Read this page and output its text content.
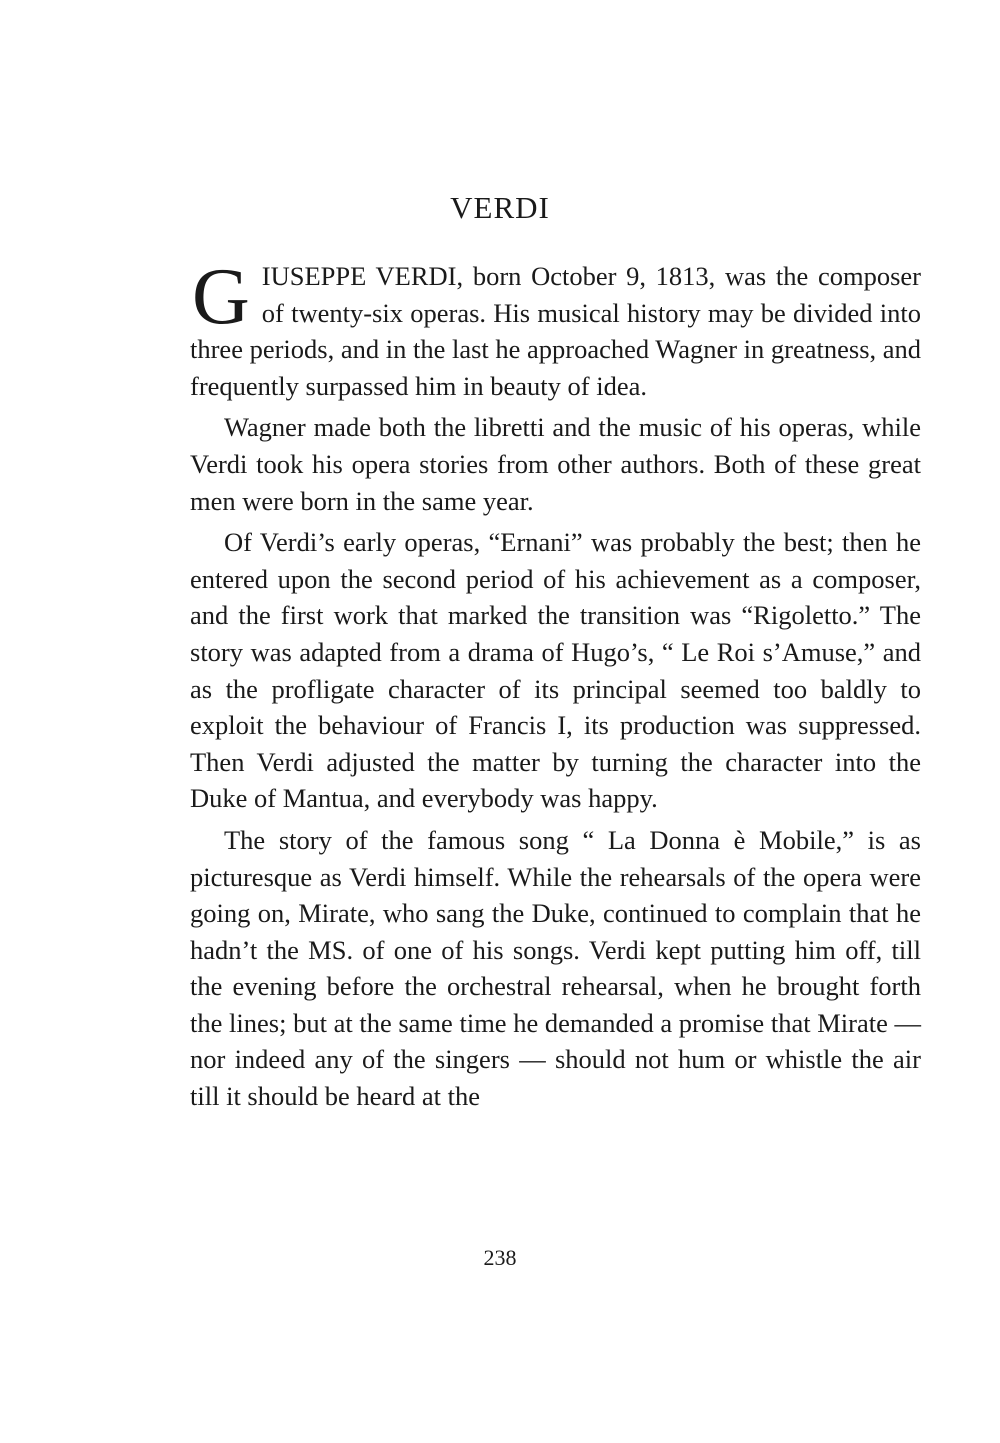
VERDI

GIUSEPPE VERDI, born October 9, 1813, was the composer of twenty-six operas. His musical history may be divided into three periods, and in the last he approached Wagner in greatness, and frequently surpassed him in beauty of idea.

Wagner made both the libretti and the music of his operas, while Verdi took his opera stories from other authors. Both of these great men were born in the same year.

Of Verdi’s early operas, “Ernani” was probably the best; then he entered upon the second period of his achievement as a composer, and the first work that marked the transition was “Rigoletto.” The story was adapted from a drama of Hugo’s, “ Le Roi s’Amuse,” and as the profligate character of its principal seemed too baldly to exploit the behaviour of Francis I, its production was suppressed. Then Verdi adjusted the matter by turning the character into the Duke of Mantua, and everybody was happy.

The story of the famous song “ La Donna è Mobile,” is as picturesque as Verdi himself. While the rehearsals of the opera were going on, Mirate, who sang the Duke, continued to complain that he hadn’t the MS. of one of his songs. Verdi kept putting him off, till the evening before the orchestral rehearsal, when he brought forth the lines; but at the same time he demanded a promise that Mirate — nor indeed any of the singers — should not hum or whistle the air till it should be heard at the

238
